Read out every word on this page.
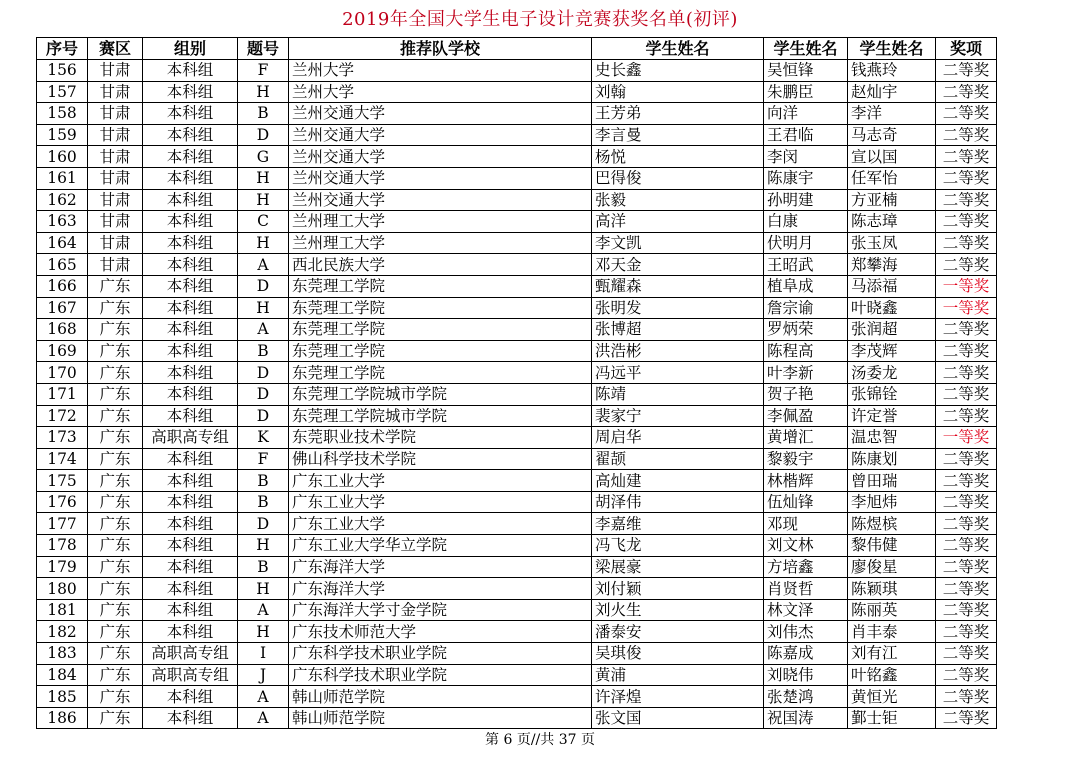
2019年全国大学生电子设计竞赛获奖名单(初评)
序号	赛区	组别	题号	推荐队学校	学生姓名	学生姓名	学生姓名	奖项
156	甘肃	本科组	F	兰州大学	史长鑫	吴恒锋	钱燕玲	二等奖
157	甘肃	本科组	H	兰州大学	刘翰	朱鹏臣	赵灿宇	二等奖
158	甘肃	本科组	B	兰州交通大学	王芳弟	向洋	李洋	二等奖
159	甘肃	本科组	D	兰州交通大学	李言曼	王君临	马志奇	二等奖
160	甘肃	本科组	G	兰州交通大学	杨悦	李闵	宣以国	二等奖
161	甘肃	本科组	H	兰州交通大学	巴得俊	陈康宇	任军怡	二等奖
162	甘肃	本科组	H	兰州交通大学	张毅	孙明建	方亚楠	二等奖
163	甘肃	本科组	C	兰州理工大学	高洋	白康	陈志璋	二等奖
164	甘肃	本科组	H	兰州理工大学	李文凯	伏明月	张玉凤	二等奖
165	甘肃	本科组	A	西北民族大学	邓天金	王昭武	郑攀海	二等奖
166	广东	本科组	D	东莞理工学院	甄耀森	植阜成	马添福	一等奖
167	广东	本科组	H	东莞理工学院	张明发	詹宗谕	叶晓鑫	一等奖
168	广东	本科组	A	东莞理工学院	张博超	罗炳荣	张润超	二等奖
169	广东	本科组	B	东莞理工学院	洪浩彬	陈程高	李茂辉	二等奖
170	广东	本科组	D	东莞理工学院	冯远平	叶李新	汤委龙	二等奖
171	广东	本科组	D	东莞理工学院城市学院	陈靖	贺子艳	张锦铨	二等奖
172	广东	本科组	D	东莞理工学院城市学院	裴家宁	李佩盈	许定誉	二等奖
173	广东	高职高专组	K	东莞职业技术学院	周启华	黄增汇	温忠智	一等奖
174	广东	本科组	F	佛山科学技术学院	翟颉	黎毅宇	陈康划	二等奖
175	广东	本科组	B	广东工业大学	高灿建	林楷辉	曾田瑞	二等奖
176	广东	本科组	B	广东工业大学	胡泽伟	伍灿锋	李旭炜	二等奖
177	广东	本科组	D	广东工业大学	李嘉维	邓现	陈煜槟	二等奖
178	广东	本科组	H	广东工业大学华立学院	冯飞龙	刘文林	黎伟健	二等奖
179	广东	本科组	B	广东海洋大学	梁展豪	方培鑫	廖俊星	二等奖
180	广东	本科组	H	广东海洋大学	刘付颖	肖贤哲	陈颖琪	二等奖
181	广东	本科组	A	广东海洋大学寸金学院	刘火生	林文泽	陈丽英	二等奖
182	广东	本科组	H	广东技术师范大学	潘泰安	刘伟杰	肖丰泰	二等奖
183	广东	高职高专组	I	广东科学技术职业学院	吴琪俊	陈嘉成	刘有江	二等奖
184	广东	高职高专组	J	广东科学技术职业学院	黄浦	刘晓伟	叶铭鑫	二等奖
185	广东	本科组	A	韩山师范学院	许泽煌	张楚鸿	黄恒光	二等奖
186	广东	本科组	A	韩山师范学院	张文国	祝国涛	鄞士钜	二等奖
第 6 页//共 37 页
